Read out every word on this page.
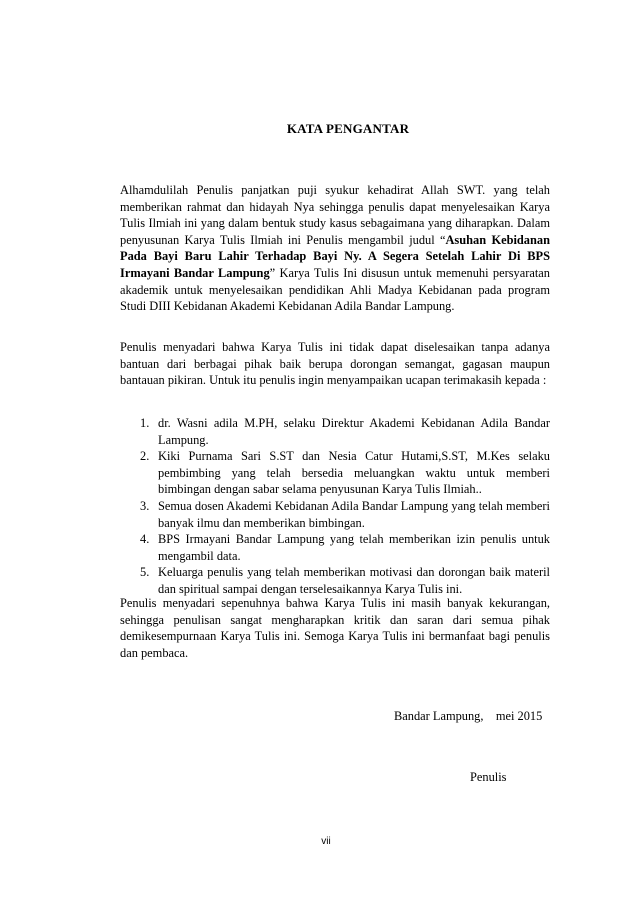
KATA PENGANTAR

Alhamdulilah Penulis panjatkan puji syukur kehadirat Allah SWT. yang telah memberikan rahmat dan hidayah Nya sehingga penulis dapat menyelesaikan Karya Tulis Ilmiah ini yang dalam bentuk study kasus sebagaimana yang diharapkan. Dalam penyusunan Karya Tulis Ilmiah ini Penulis mengambil judul “Asuhan Kebidanan Pada Bayi Baru Lahir Terhadap Bayi Ny. A Segera Setelah Lahir Di BPS Irmayani Bandar Lampung” Karya Tulis Ini disusun untuk memenuhi persyaratan akademik untuk menyelesaikan pendidikan Ahli Madya Kebidanan pada program Studi DIII Kebidanan Akademi Kebidanan Adila Bandar Lampung.

Penulis menyadari bahwa Karya Tulis ini tidak dapat diselesaikan tanpa adanya bantuan dari berbagai pihak baik berupa dorongan semangat, gagasan maupun bantauan pikiran. Untuk itu penulis ingin menyampaikan ucapan terimakasih kepada :

1. dr. Wasni adila M.PH, selaku Direktur Akademi Kebidanan Adila Bandar Lampung.
2. Kiki Purnama Sari S.ST dan Nesia Catur Hutami,S.ST, M.Kes selaku pembimbing yang telah bersedia meluangkan waktu untuk memberi bimbingan dengan sabar selama penyusunan Karya Tulis Ilmiah..
3. Semua dosen Akademi Kebidanan Adila Bandar Lampung yang telah memberi banyak ilmu dan memberikan bimbingan.
4. BPS Irmayani Bandar Lampung yang telah memberikan izin penulis untuk mengambil data.
5. Keluarga penulis yang telah memberikan motivasi dan dorongan baik materil dan spiritual sampai dengan terselesaikannya Karya Tulis ini.

Penulis menyadari sepenuhnya bahwa Karya Tulis ini masih banyak kekurangan, sehingga penulisan sangat mengharapkan kritik dan saran dari semua pihak demikesempurnaan Karya Tulis ini. Semoga Karya Tulis ini bermanfaat bagi penulis dan pembaca.

Bandar Lampung,    mei 2015
Penulis
vii
